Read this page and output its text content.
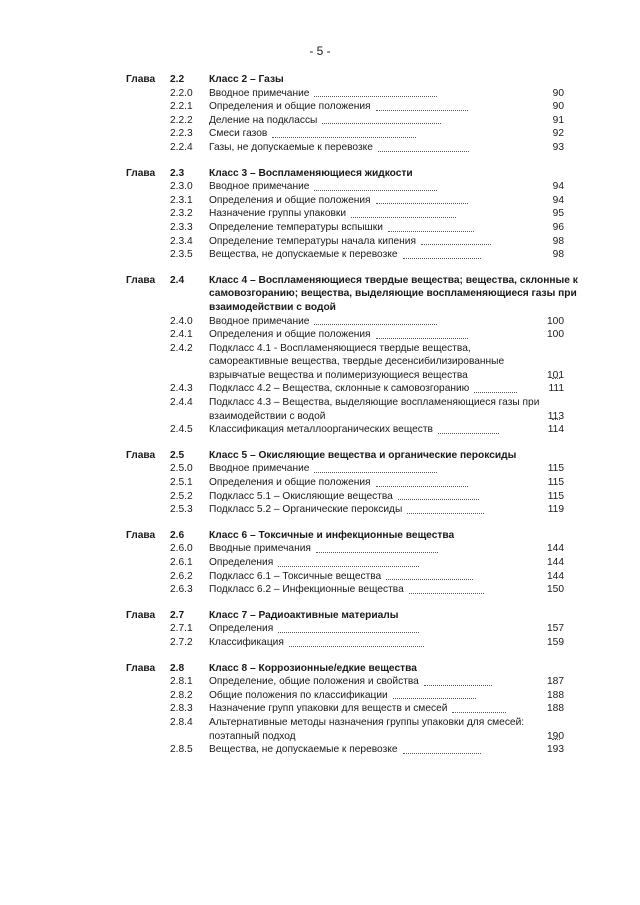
- 5 -
Глава 2.2 Класс 2 – Газы
2.2.0 Вводное примечание	90
2.2.1 Определения и общие положения	90
2.2.2 Деление на подклассы	91
2.2.3 Смеси газов	92
2.2.4 Газы, не допускаемые к перевозке	93
Глава 2.3 Класс 3 – Воспламеняющиеся жидкости
2.3.0 Вводное примечание	94
2.3.1 Определения и общие положения	94
2.3.2 Назначение группы упаковки	95
2.3.3 Определение температуры вспышки	96
2.3.4 Определение температуры начала кипения	98
2.3.5 Вещества, не допускаемые к перевозке	98
Глава 2.4 Класс 4 – Воспламеняющиеся твердые вещества; вещества, склонные к самовозгоранию; вещества, выделяющие воспламеняющиеся газы при взаимодействии с водой
2.4.0 Вводное примечание	100
2.4.1 Определения и общие положения	100
2.4.2 Подкласс 4.1 - Воспламеняющиеся твердые вещества, самореактивные вещества, твердые десенсибилизированные взрывчатые вещества и полимеризующиеся вещества	101
2.4.3 Подкласс 4.2 – Вещества, склонные к самовозгоранию	111
2.4.4 Подкласс 4.3 – Вещества, выделяющие воспламеняющиеся газы при взаимодействии с водой	113
2.4.5 Классификация металлоорганических веществ	114
Глава 2.5 Класс 5 – Окисляющие вещества и органические пероксиды
2.5.0 Вводное примечание	115
2.5.1 Определения и общие положения	115
2.5.2 Подкласс 5.1 – Окисляющие вещества	115
2.5.3 Подкласс 5.2 – Органические пероксиды	119
Глава 2.6 Класс 6 – Токсичные и инфекционные вещества
2.6.0 Вводные примечания	144
2.6.1 Определения	144
2.6.2 Подкласс 6.1 – Токсичные вещества	144
2.6.3 Подкласс 6.2 – Инфекционные вещества	150
Глава 2.7 Класс 7 – Радиоактивные материалы
2.7.1 Определения	157
2.7.2 Классификация	159
Глава 2.8 Класс 8 – Коррозионные/едкие вещества
2.8.1 Определение, общие положения и свойства	187
2.8.2 Общие положения по классификации	188
2.8.3 Назначение групп упаковки для веществ и смесей	188
2.8.4 Альтернативные методы назначения группы упаковки для смесей: поэтапный подход	190
2.8.5 Вещества, не допускаемые к перевозке	193
